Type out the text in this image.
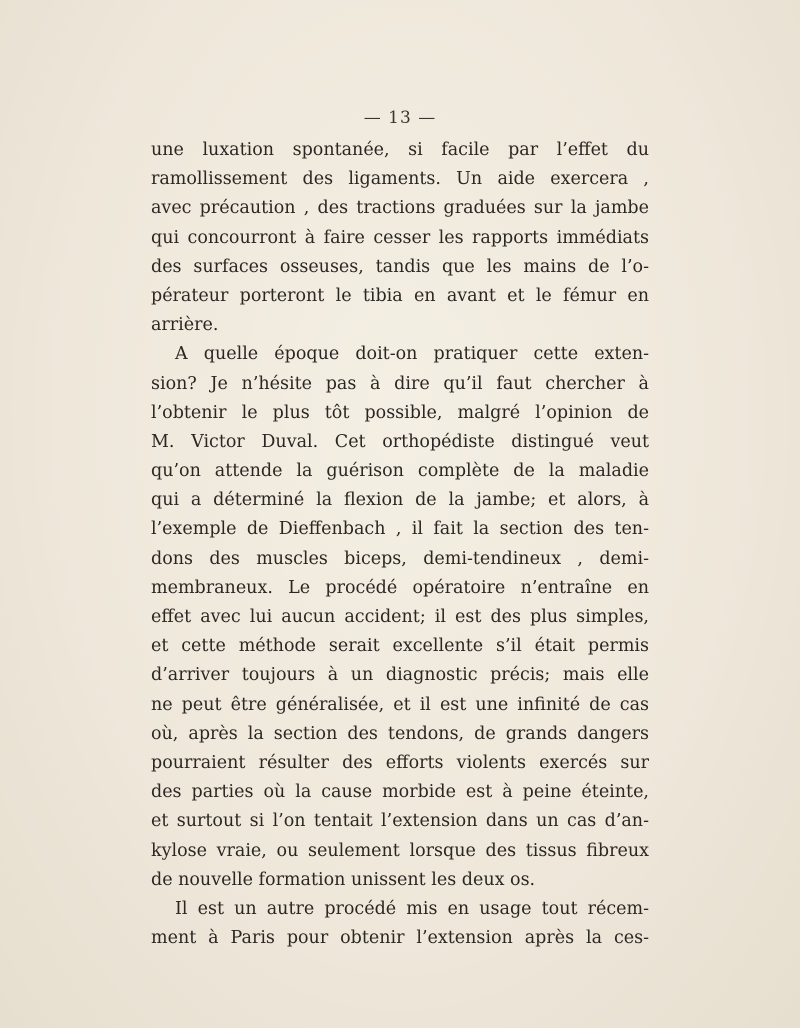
— 13 —
une luxation spontanée, si facile par l’effet du
ramollissement des ligaments. Un aide exercera ,
avec précaution , des tractions graduées sur la jambe
qui concourront à faire cesser les rapports immédiats
des surfaces osseuses, tandis que les mains de l’o-
pérateur porteront le tibia en avant et le fémur en
arrière.
A quelle époque doit-on pratiquer cette exten-
sion? Je n’hésite pas à dire qu’il faut chercher à
l’obtenir le plus tôt possible, malgré l’opinion de
M. Victor Duval. Cet orthopédiste distingué veut
qu’on attende la guérison complète de la maladie
qui a déterminé la flexion de la jambe; et alors, à
l’exemple de Dieffenbach , il fait la section des ten-
dons des muscles biceps, demi-tendineux , demi-
membraneux. Le procédé opératoire n’entraîne en
effet avec lui aucun accident; il est des plus simples,
et cette méthode serait excellente s’il était permis
d’arriver toujours à un diagnostic précis; mais elle
ne peut être généralisée, et il est une infinité de cas
où, après la section des tendons, de grands dangers
pourraient résulter des efforts violents exercés sur
des parties où la cause morbide est à peine éteinte,
et surtout si l’on tentait l’extension dans un cas d’an-
kylose vraie, ou seulement lorsque des tissus fibreux
de nouvelle formation unissent les deux os.
Il est un autre procédé mis en usage tout récem-
ment à Paris pour obtenir l’extension après la ces-
